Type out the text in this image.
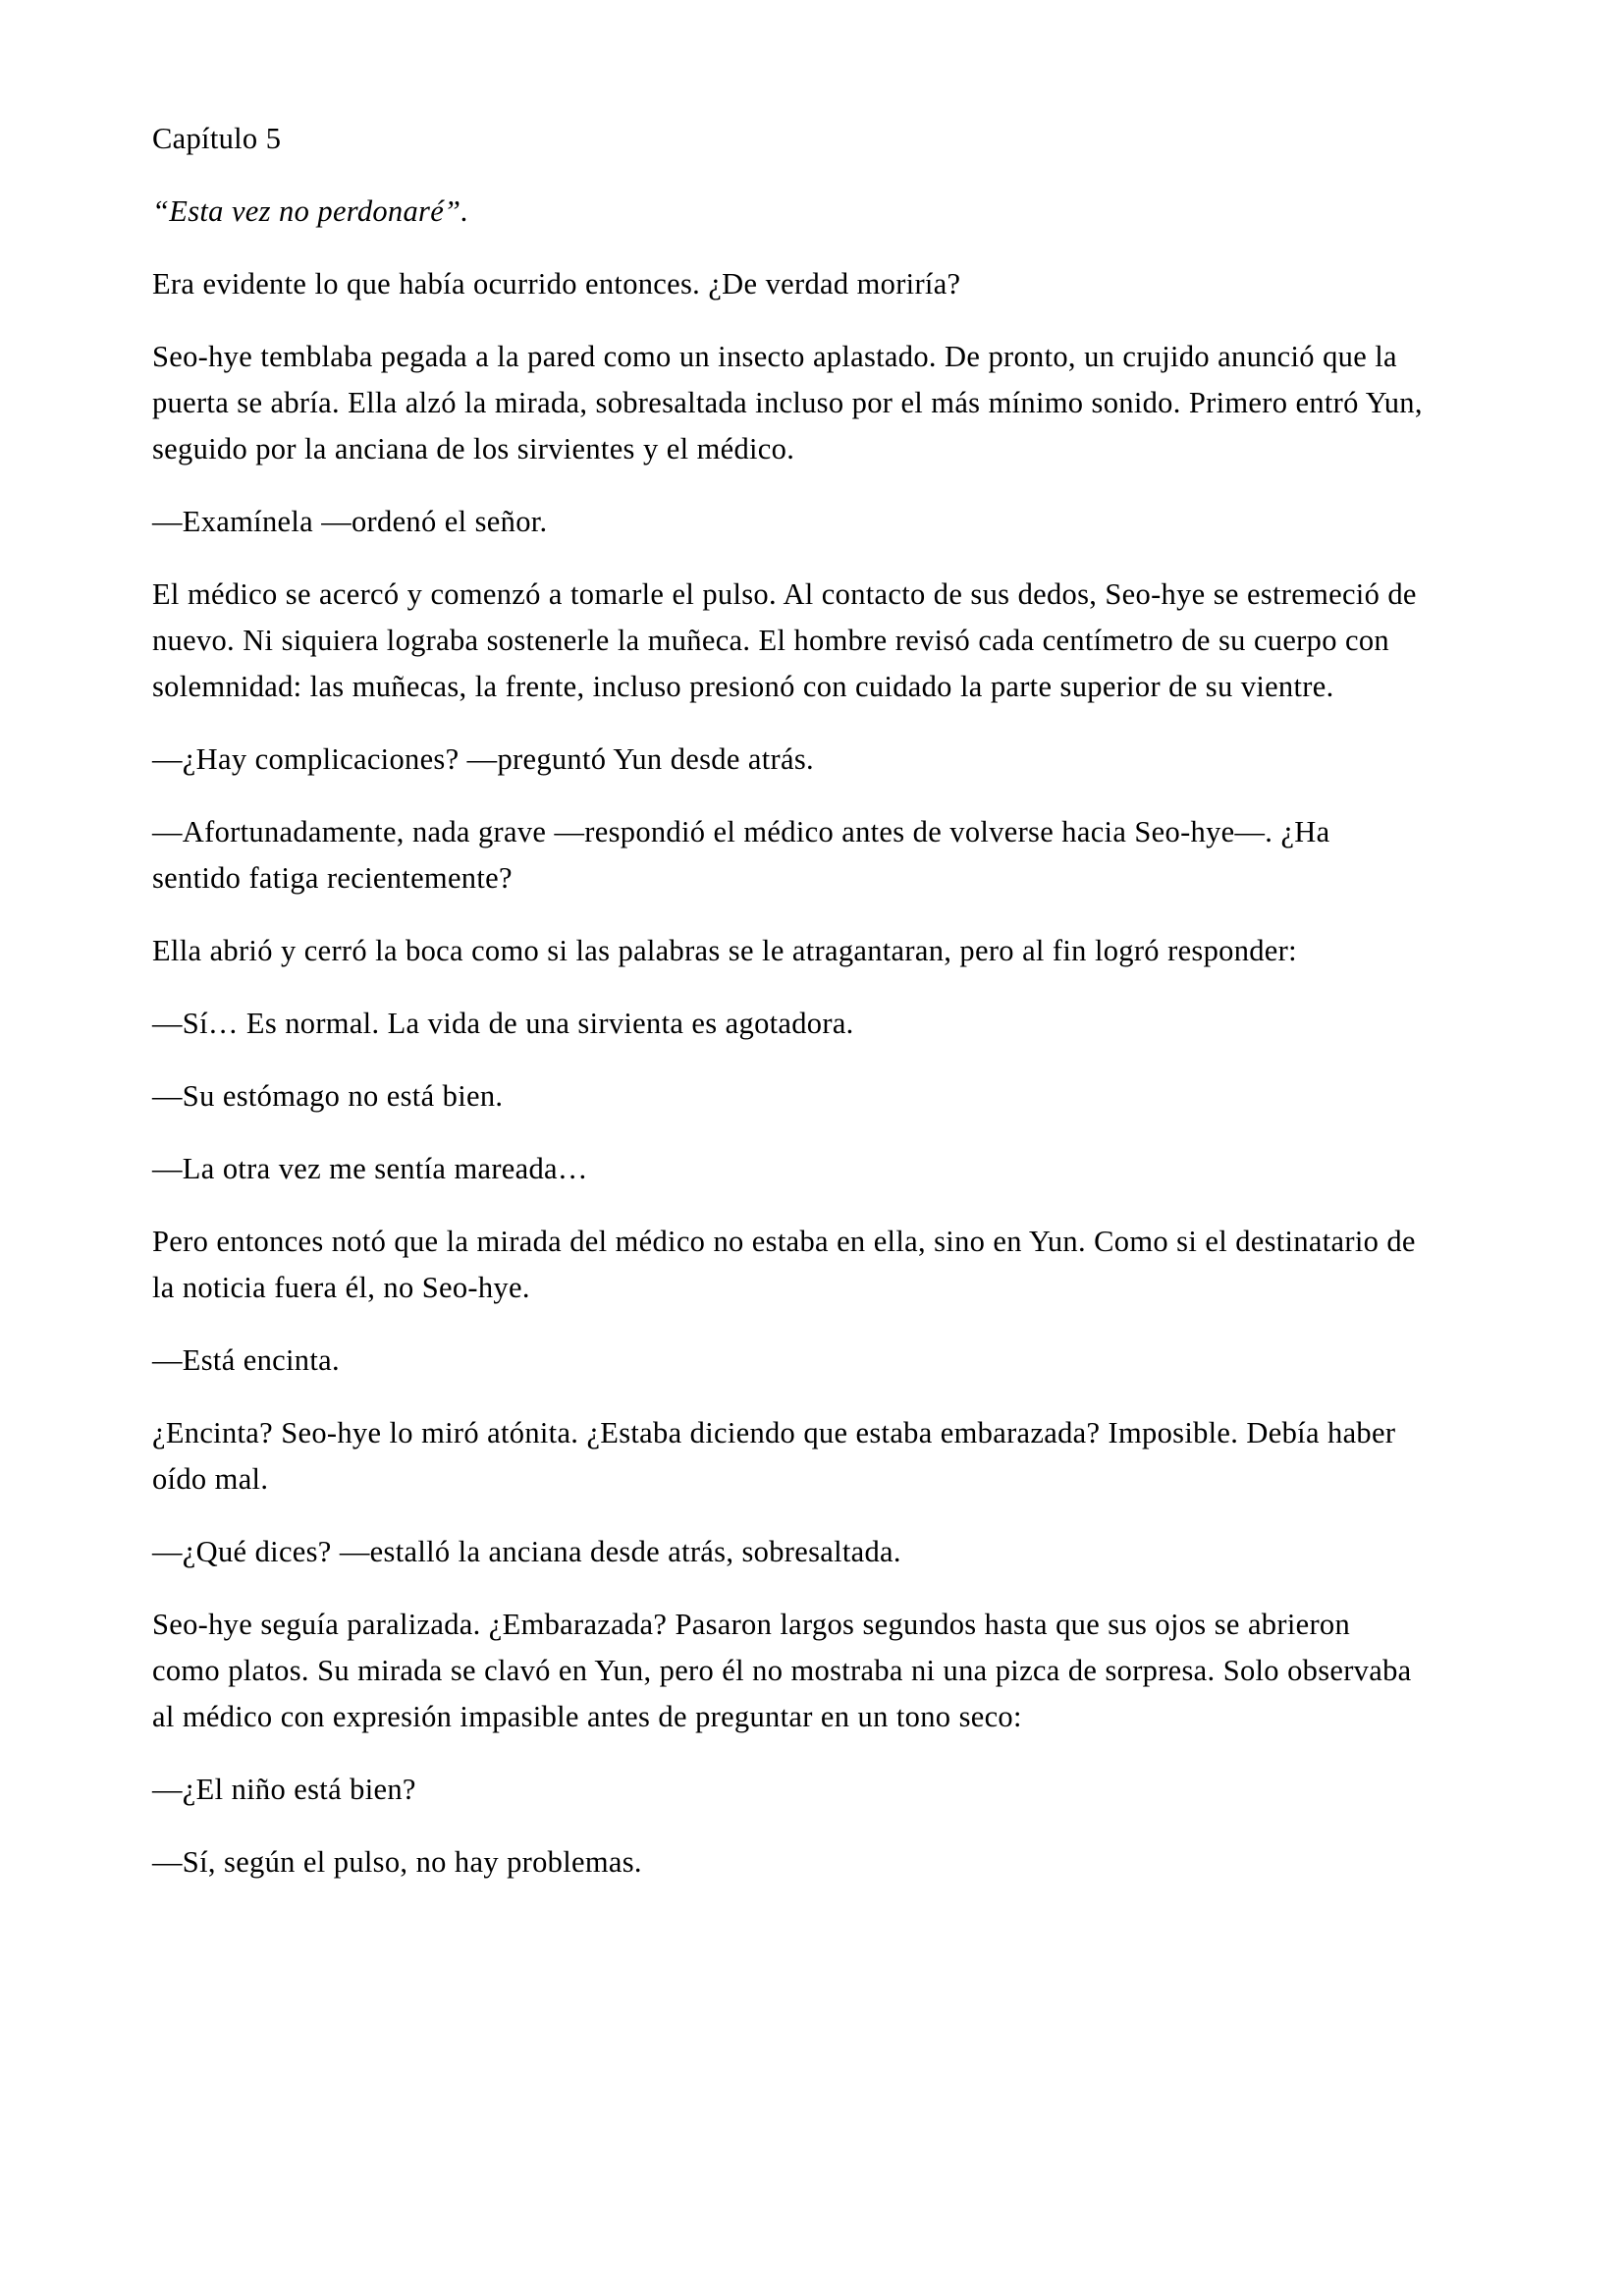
Capítulo 5

“Esta vez no perdonaré”.

Era evidente lo que había ocurrido entonces. ¿De verdad moriría?

Seo-hye temblaba pegada a la pared como un insecto aplastado. De pronto, un crujido anunció que la puerta se abría. Ella alzó la mirada, sobresaltada incluso por el más mínimo sonido. Primero entró Yun, seguido por la anciana de los sirvientes y el médico.

—Examínela —ordenó el señor.

El médico se acercó y comenzó a tomarle el pulso. Al contacto de sus dedos, Seo-hye se estremeció de nuevo. Ni siquiera lograba sostenerle la muñeca. El hombre revisó cada centímetro de su cuerpo con solemnidad: las muñecas, la frente, incluso presionó con cuidado la parte superior de su vientre.

—¿Hay complicaciones? —preguntó Yun desde atrás.

—Afortunadamente, nada grave —respondió el médico antes de volverse hacia Seo-hye—. ¿Ha sentido fatiga recientemente?

Ella abrió y cerró la boca como si las palabras se le atragantaran, pero al fin logró responder:

—Sí… Es normal. La vida de una sirvienta es agotadora.

—Su estómago no está bien.

—La otra vez me sentía mareada…

Pero entonces notó que la mirada del médico no estaba en ella, sino en Yun. Como si el destinatario de la noticia fuera él, no Seo-hye.

—Está encinta.

¿Encinta? Seo-hye lo miró atónita. ¿Estaba diciendo que estaba embarazada? Imposible. Debía haber oído mal.

—¿Qué dices? —estalló la anciana desde atrás, sobresaltada.

Seo-hye seguía paralizada. ¿Embarazada? Pasaron largos segundos hasta que sus ojos se abrieron como platos. Su mirada se clavó en Yun, pero él no mostraba ni una pizca de sorpresa. Solo observaba al médico con expresión impasible antes de preguntar en un tono seco:

—¿El niño está bien?

—Sí, según el pulso, no hay problemas.
